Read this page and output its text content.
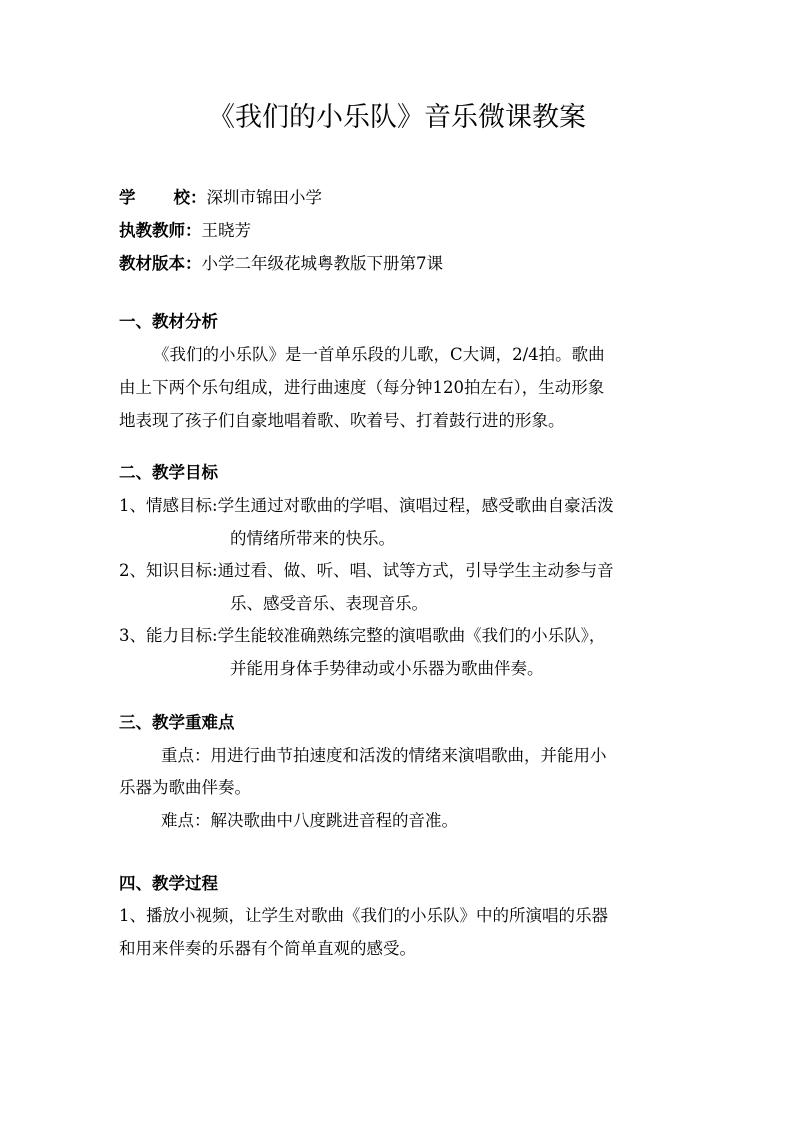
《我们的小乐队》音乐微课教案
学 校：深圳市锦田小学
执教教师：王晓芳
教材版本：小学二年级花城粤教版下册第7课
一、教材分析
《我们的小乐队》是一首单乐段的儿歌，C大调，2/4拍。歌曲
由上下两个乐句组成，进行曲速度（每分钟120拍左右），生动形象
地表现了孩子们自豪地唱着歌、吹着号、打着鼓行进的形象。
二、教学目标
1、情感目标:学生通过对歌曲的学唱、演唱过程，感受歌曲自豪活泼
的情绪所带来的快乐。
2、知识目标:通过看、做、听、唱、试等方式，引导学生主动参与音
乐、感受音乐、表现音乐。
3、能力目标:学生能较准确熟练完整的演唱歌曲《我们的小乐队》，
并能用身体手势律动或小乐器为歌曲伴奏。
三、教学重难点
重点：用进行曲节拍速度和活泼的情绪来演唱歌曲，并能用小
乐器为歌曲伴奏。
难点：解决歌曲中八度跳进音程的音准。
四、教学过程
1、播放小视频，让学生对歌曲《我们的小乐队》中的所演唱的乐器
和用来伴奏的乐器有个简单直观的感受。
